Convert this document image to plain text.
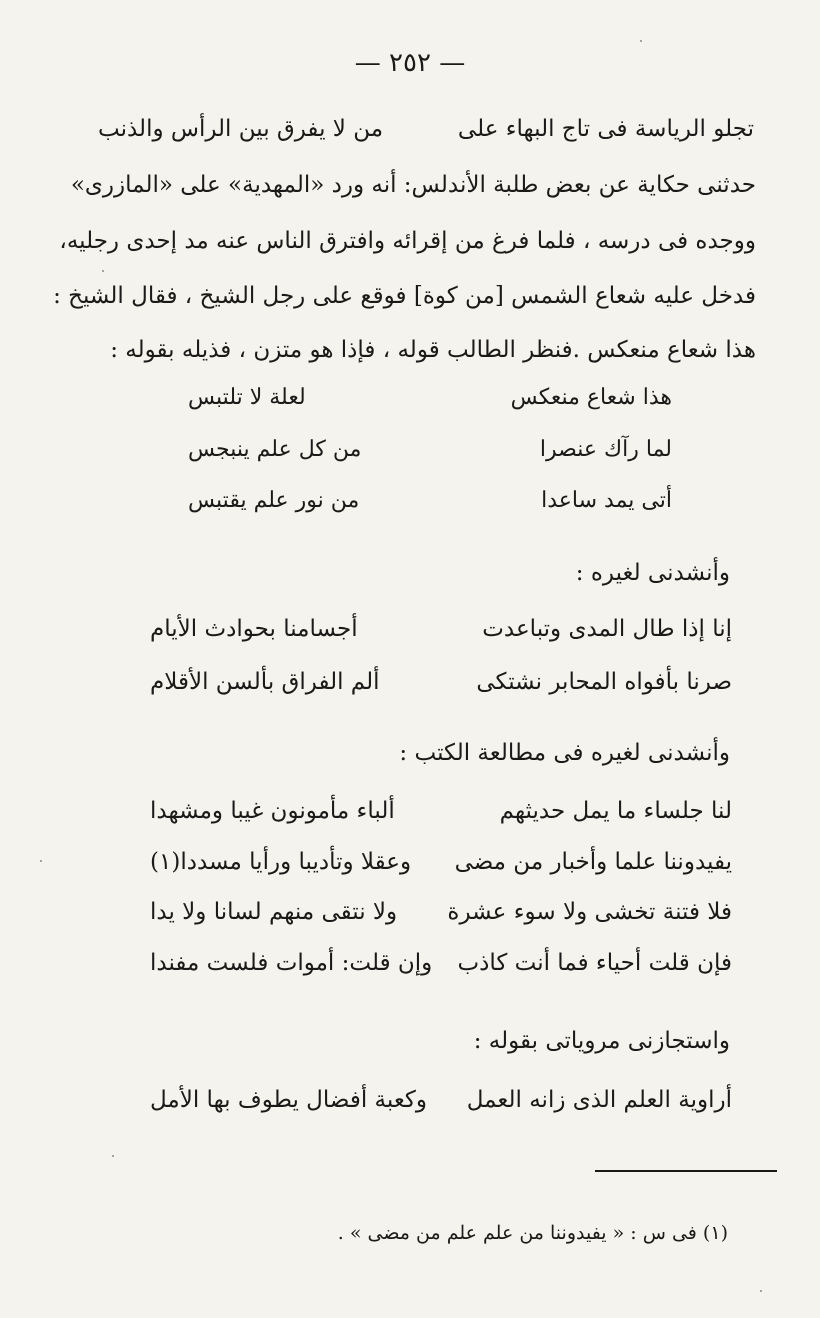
— ٢٥٢ —
تجلو الرياسة فى تاج البهاء على
من لا يفرق بين الرأس والذنب
حدثنى حكاية عن بعض طلبة الأندلس: أنه ورد «المهدية» على «المازرى»
ووجده فى درسه ، فلما فرغ من إقرائه وافترق الناس عنه مد إحدى رجليه،
فدخل عليه شعاع الشمس [من كوة] فوقع على رجل الشيخ ، فقال الشيخ :
هذا شعاع منعكس .فنظر الطالب قوله ، فإذا هو متزن ، فذيله بقوله :
هذا شعاع منعكس
لعلة لا تلتبس
لما رآك عنصرا
من كل علم ينبجس
أتى يمد ساعدا
من نور علم يقتبس
وأنشدنى لغيره :
إنا إذا طال المدى وتباعدت
أجسامنا بحوادث الأيام
صرنا بأفواه المحابر نشتكى
ألم الفراق بألسن الأقلام
وأنشدنى لغيره فى مطالعة الكتب :
لنا جلساء ما يمل حديثهم
ألباء مأمونون غيبا ومشهدا
يفيدوننا علما وأخبار من مضى
وعقلا وتأديبا ورأيا مسددا(١)
فلا فتنة تخشى ولا سوء عشرة
ولا نتقى منهم لسانا ولا يدا
فإن قلت أحياء فما أنت كاذب
وإن قلت: أموات فلست مفندا
واستجازنى مروياتى بقوله :
أراوية العلم الذى زانه العمل
وكعبة أفضال يطوف بها الأمل
(١) فى س : « يفيدوننا من علم علم من مضى » .
